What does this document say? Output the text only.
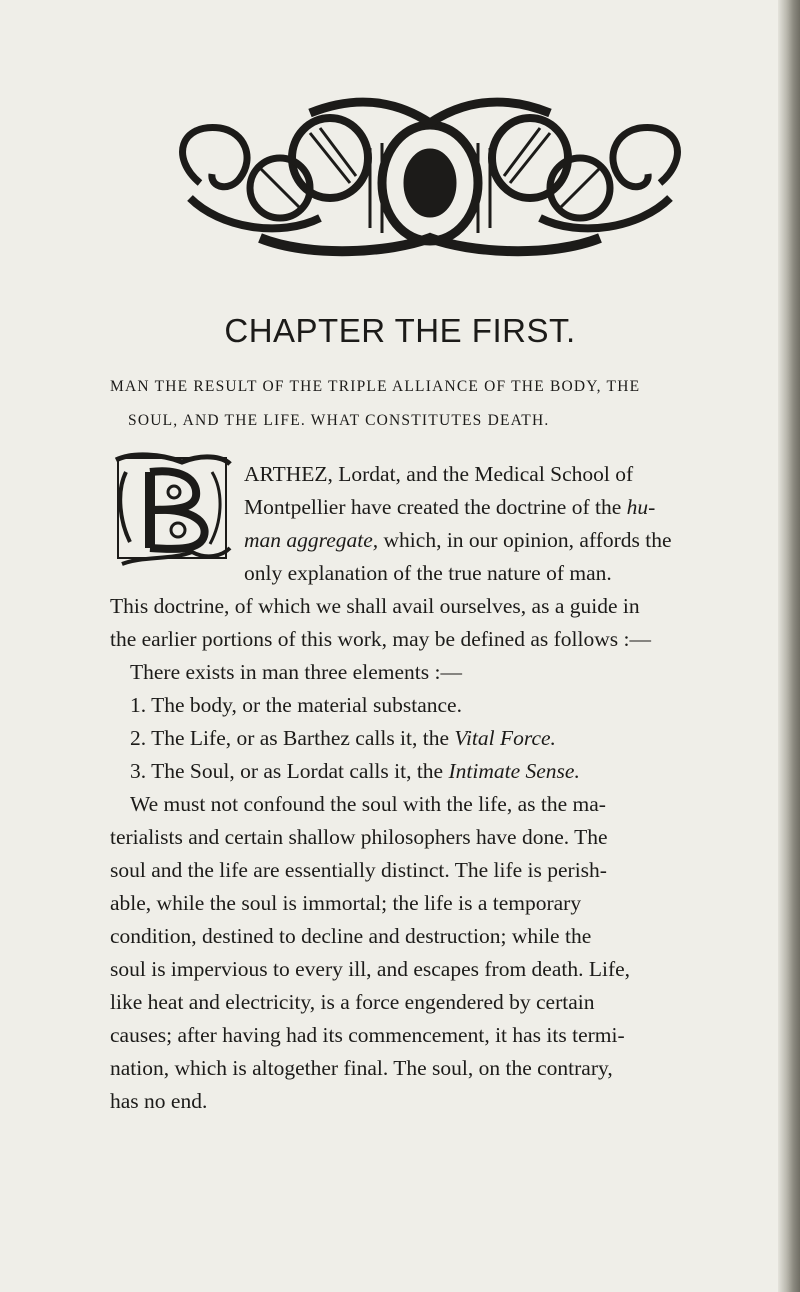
CHAPTER THE FIRST.
MAN THE RESULT OF THE TRIPLE ALLIANCE OF THE BODY, THE
SOUL, AND THE LIFE. WHAT CONSTITUTES DEATH.
ARTHEZ, Lordat, and the Medical School of
Montpellier have created the doctrine of the hu-
man aggregate, which, in our opinion, affords the
only explanation of the true nature of man.
This doctrine, of which we shall avail ourselves, as a guide in
the earlier portions of this work, may be defined as follows :—
There exists in man three elements :—
1. The body, or the material substance.
2. The Life, or as Barthez calls it, the Vital Force.
3. The Soul, or as Lordat calls it, the Intimate Sense.
We must not confound the soul with the life, as the ma-
terialists and certain shallow philosophers have done. The
soul and the life are essentially distinct. The life is perish-
able, while the soul is immortal; the life is a temporary
condition, destined to decline and destruction; while the
soul is impervious to every ill, and escapes from death. Life,
like heat and electricity, is a force engendered by certain
causes; after having had its commencement, it has its termi-
nation, which is altogether final. The soul, on the contrary,
has no end.
